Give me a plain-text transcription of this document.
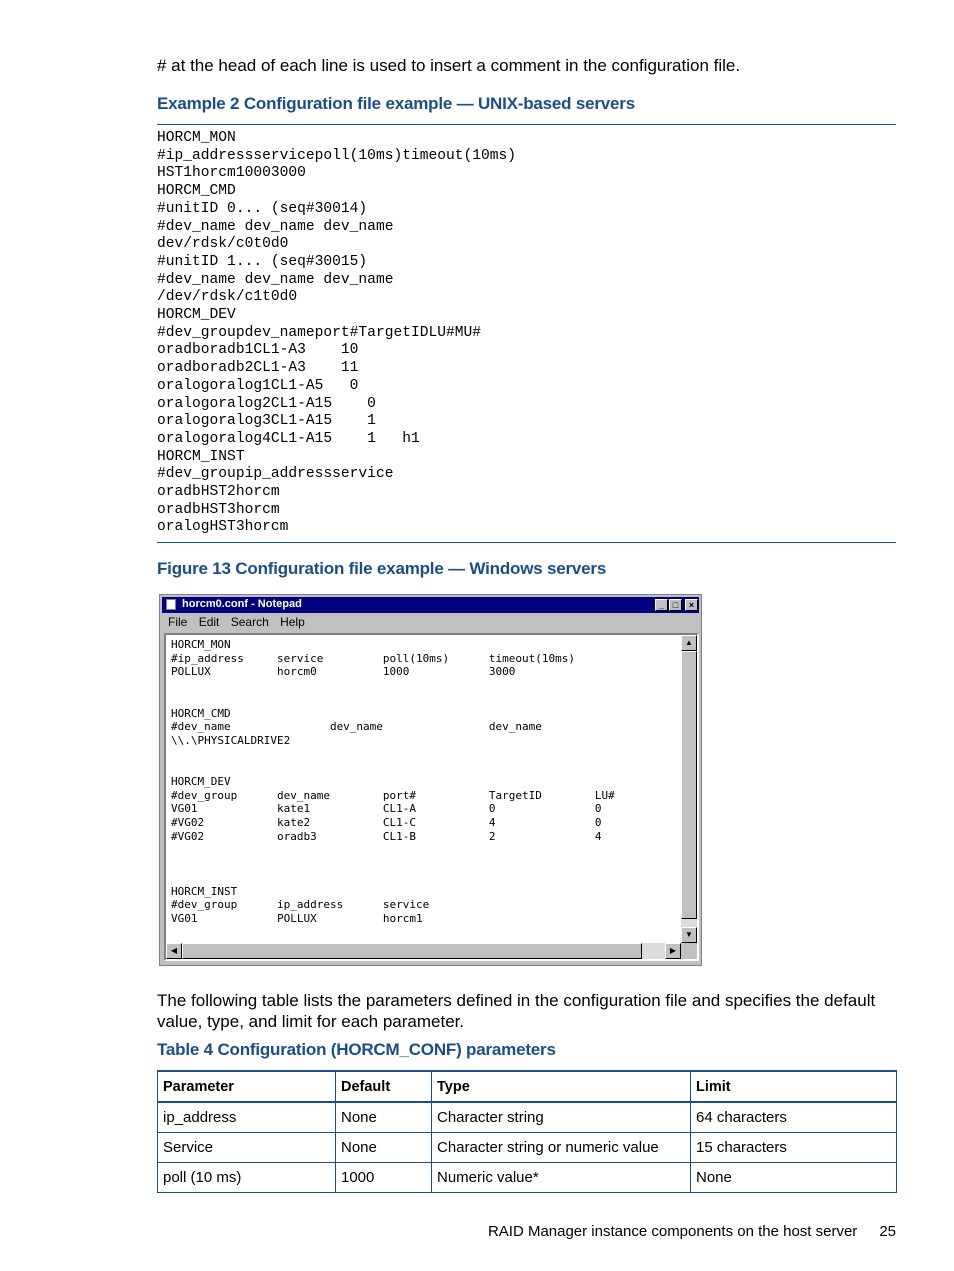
# at the head of each line is used to insert a comment in the configuration file.
Example 2 Configuration file example — UNIX-based servers
HORCM_MON
#ip_addressservicepoll(10ms)timeout(10ms)
HST1horcm10003000
HORCM_CMD
#unitID 0... (seq#30014)
#dev_name dev_name dev_name
dev/rdsk/c0t0d0
#unitID 1... (seq#30015)
#dev_name dev_name dev_name
/dev/rdsk/c1t0d0
HORCM_DEV
#dev_groupdev_nameport#TargetIDLU#MU#
oradboradb1CL1-A3    10
oradboradb2CL1-A3    11
oralogoralog1CL1-A5   0
oralogoralog2CL1-A15    0
oralogoralog3CL1-A15    1
oralogoralog4CL1-A15    1   h1
HORCM_INST
#dev_groupip_addressservice
oradbHST2horcm
oradbHST3horcm
oralogHST3horcm
Figure 13 Configuration file example — Windows servers
horcm0.conf - Notepad	_ □	×
File Edit Search Help
HORCM_MON
#ip_address     service         poll(10ms)      timeout(10ms)
POLLUX          horcm0          1000            3000

HORCM_CMD
#dev_name               dev_name                dev_name
\\.\PHYSICALDRIVE2

HORCM_DEV
#dev_group      dev_name        port#           TargetID        LU#
VG01            kate1           CL1-A           0               0
#VG02           kate2           CL1-C           4               0
#VG02           oradb3          CL1-B           2               4

HORCM_INST
#dev_group      ip_address      service
VG01            POLLUX          horcm1
▲
▼
◀	▶
The following table lists the parameters defined in the configuration file and specifies the default value, type, and limit for each parameter.
Table 4 Configuration (HORCM_CONF) parameters
Parameter	Default	Type	Limit
ip_address	None	Character string	64 characters
Service	None	Character string or numeric value	15 characters
poll (10 ms)	1000	Numeric value*	None
RAID Manager instance components on the host server 25
